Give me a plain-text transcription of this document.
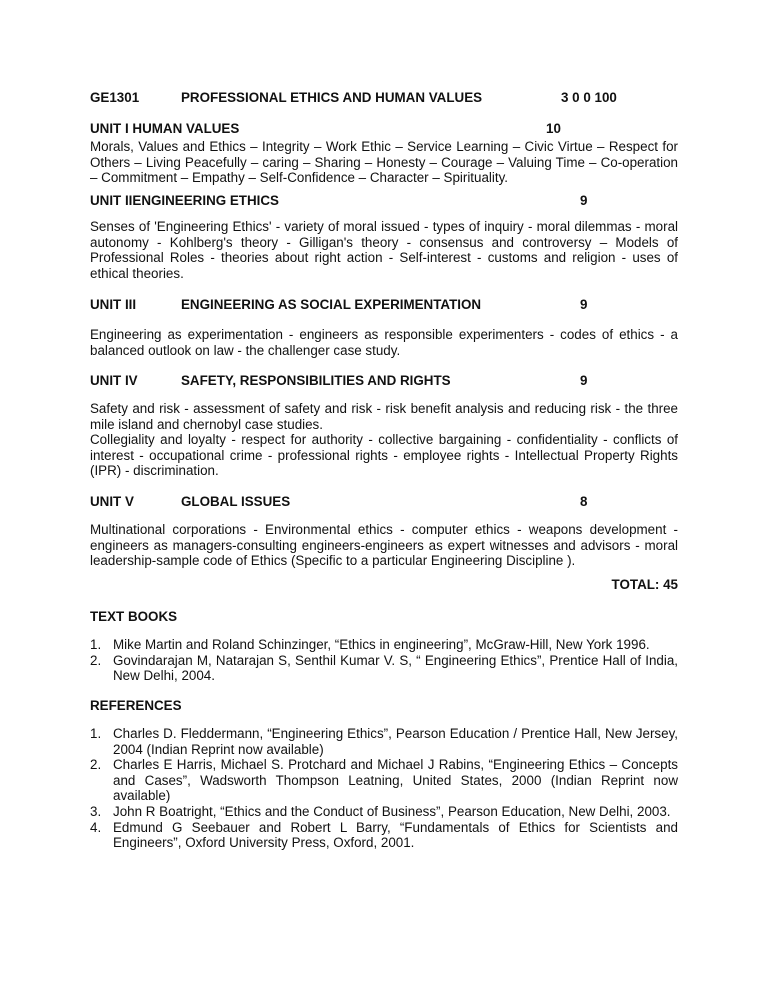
GE1301	PROFESSIONAL ETHICS AND HUMAN VALUES	3 0 0 100
UNIT I HUMAN VALUES	10
Morals, Values and Ethics – Integrity – Work Ethic – Service Learning – Civic Virtue – Respect for Others – Living Peacefully – caring – Sharing – Honesty – Courage – Valuing Time – Co-operation – Commitment – Empathy – Self-Confidence – Character – Spirituality.
UNIT IIENGINEERING ETHICS	9
Senses of 'Engineering Ethics' - variety of moral issued - types of inquiry - moral dilemmas - moral autonomy - Kohlberg's theory - Gilligan's theory - consensus and controversy – Models of Professional Roles - theories about right action - Self-interest - customs and religion - uses of ethical theories.
UNIT III	ENGINEERING AS SOCIAL EXPERIMENTATION	9
Engineering as experimentation - engineers as responsible experimenters - codes of ethics - a balanced outlook on law - the challenger case study.
UNIT IV	SAFETY, RESPONSIBILITIES AND RIGHTS	9
Safety and risk - assessment of safety and risk - risk benefit analysis and reducing risk - the three mile island and chernobyl case studies.
Collegiality and loyalty - respect for authority - collective bargaining - confidentiality - conflicts of interest - occupational crime - professional rights - employee rights - Intellectual Property Rights (IPR) - discrimination.
UNIT V	GLOBAL ISSUES	8
Multinational corporations - Environmental ethics - computer ethics - weapons development - engineers as managers-consulting engineers-engineers as expert witnesses and advisors - moral leadership-sample code of Ethics (Specific to a particular Engineering Discipline ).
TOTAL: 45
TEXT BOOKS
1. Mike Martin and Roland Schinzinger, “Ethics in engineering”, McGraw-Hill, New York 1996.
2. Govindarajan M, Natarajan S, Senthil Kumar V. S, “ Engineering Ethics”, Prentice Hall of India, New Delhi, 2004.
REFERENCES
1. Charles D. Fleddermann, “Engineering Ethics”, Pearson Education / Prentice Hall, New Jersey, 2004 (Indian Reprint now available)
2. Charles E Harris, Michael S. Protchard and Michael J Rabins, “Engineering Ethics – Concepts and Cases”, Wadsworth Thompson Leatning, United States, 2000 (Indian Reprint now available)
3. John R Boatright, “Ethics and the Conduct of Business”, Pearson Education, New Delhi, 2003.
4. Edmund G Seebauer and Robert L Barry, “Fundamentals of Ethics for Scientists and Engineers”, Oxford University Press, Oxford, 2001.
